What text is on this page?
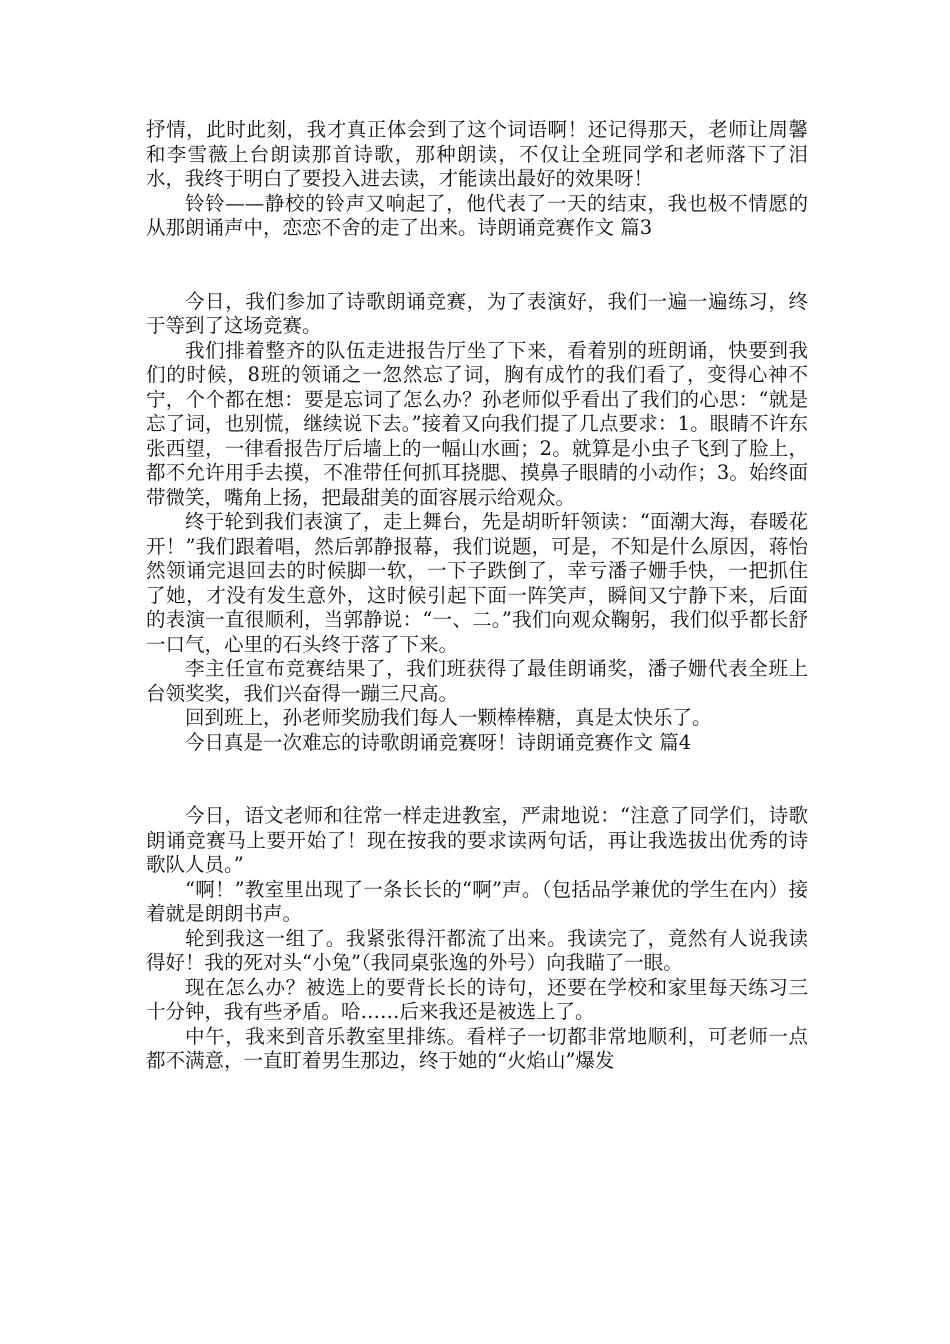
抒情，此时此刻，我才真正体会到了这个词语啊！还记得那天，老师让周馨和李雪薇上台朗读那首诗歌，那种朗读，不仅让全班同学和老师落下了泪水，我终于明白了要投入进去读，才能读出最好的效果呀！

铃铃——静校的铃声又响起了，他代表了一天的结束，我也极不情愿的从那朗诵声中，恋恋不舍的走了出来。诗朗诵竞赛作文 篇3

今日，我们参加了诗歌朗诵竞赛，为了表演好，我们一遍一遍练习，终于等到了这场竞赛。

我们排着整齐的队伍走进报告厅坐了下来，看着别的班朗诵，快要到我们的时候，8班的领诵之一忽然忘了词，胸有成竹的我们看了，变得心神不宁，个个都在想：要是忘词了怎么办？孙老师似乎看出了我们的心思：“就是忘了词，也别慌，继续说下去。”接着又向我们提了几点要求：1。眼睛不许东张西望，一律看报告厅后墙上的一幅山水画；2。就算是小虫子飞到了脸上，都不允许用手去摸，不准带任何抓耳挠腮、摸鼻子眼睛的小动作；3。始终面带微笑，嘴角上扬，把最甜美的面容展示给观众。

终于轮到我们表演了，走上舞台，先是胡昕轩领读：“面潮大海，春暖花开！”我们跟着唱，然后郭静报幕，我们说题，可是，不知是什么原因，蒋怡然领诵完退回去的时候脚一软，一下子跌倒了，幸亏潘子姗手快，一把抓住了她，才没有发生意外，这时候引起下面一阵笑声，瞬间又宁静下来，后面的表演一直很顺利，当郭静说：“一、二。”我们向观众鞠躬，我们似乎都长舒一口气，心里的石头终于落了下来。

李主任宣布竞赛结果了，我们班获得了最佳朗诵奖，潘子姗代表全班上台领奖奖，我们兴奋得一蹦三尺高。

回到班上，孙老师奖励我们每人一颗棒棒糖，真是太快乐了。

今日真是一次难忘的诗歌朗诵竞赛呀！诗朗诵竞赛作文 篇4

今日，语文老师和往常一样走进教室，严肃地说：“注意了同学们，诗歌朗诵竞赛马上要开始了！现在按我的要求读两句话，再让我选拔出优秀的诗歌队人员。”

“啊！”教室里出现了一条长长的“啊”声。（包括品学兼优的学生在内）接着就是朗朗书声。

轮到我这一组了。我紧张得汗都流了出来。我读完了，竟然有人说我读得好！我的死对头“小兔”（我同桌张逸的外号）向我瞄了一眼。

现在怎么办？被选上的要背长长的诗句，还要在学校和家里每天练习三十分钟，我有些矛盾。哈……后来我还是被选上了。

中午，我来到音乐教室里排练。看样子一切都非常地顺利，可老师一点都不满意，一直盯着男生那边，终于她的“火焰山”爆发
